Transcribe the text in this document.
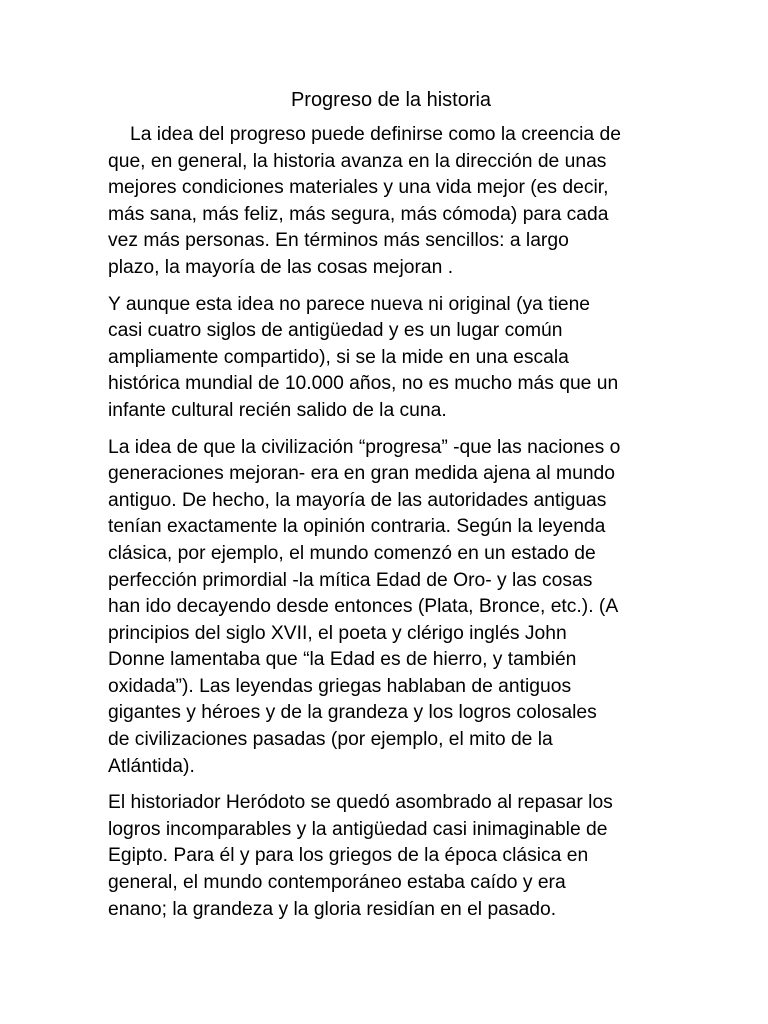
Progreso de la historia

La idea del progreso puede definirse como la creencia de
que, en general, la historia avanza en la dirección de unas
mejores condiciones materiales y una vida mejor (es decir,
más sana, más feliz, más segura, más cómoda) para cada
vez más personas. En términos más sencillos: a largo
plazo, la mayoría de las cosas mejoran .

Y aunque esta idea no parece nueva ni original (ya tiene
casi cuatro siglos de antigüedad y es un lugar común
ampliamente compartido), si se la mide en una escala
histórica mundial de 10.000 años, no es mucho más que un
infante cultural recién salido de la cuna.

La idea de que la civilización “progresa” -que las naciones o
generaciones mejoran- era en gran medida ajena al mundo
antiguo. De hecho, la mayoría de las autoridades antiguas
tenían exactamente la opinión contraria. Según la leyenda
clásica, por ejemplo, el mundo comenzó en un estado de
perfección primordial -la mítica Edad de Oro- y las cosas
han ido decayendo desde entonces (Plata, Bronce, etc.). (A
principios del siglo XVII, el poeta y clérigo inglés John
Donne lamentaba que “la Edad es de hierro, y también
oxidada”). Las leyendas griegas hablaban de antiguos
gigantes y héroes y de la grandeza y los logros colosales
de civilizaciones pasadas (por ejemplo, el mito de la
Atlántida).

El historiador Heródoto se quedó asombrado al repasar los
logros incomparables y la antigüedad casi inimaginable de
Egipto. Para él y para los griegos de la época clásica en
general, el mundo contemporáneo estaba caído y era
enano; la grandeza y la gloria residían en el pasado.
